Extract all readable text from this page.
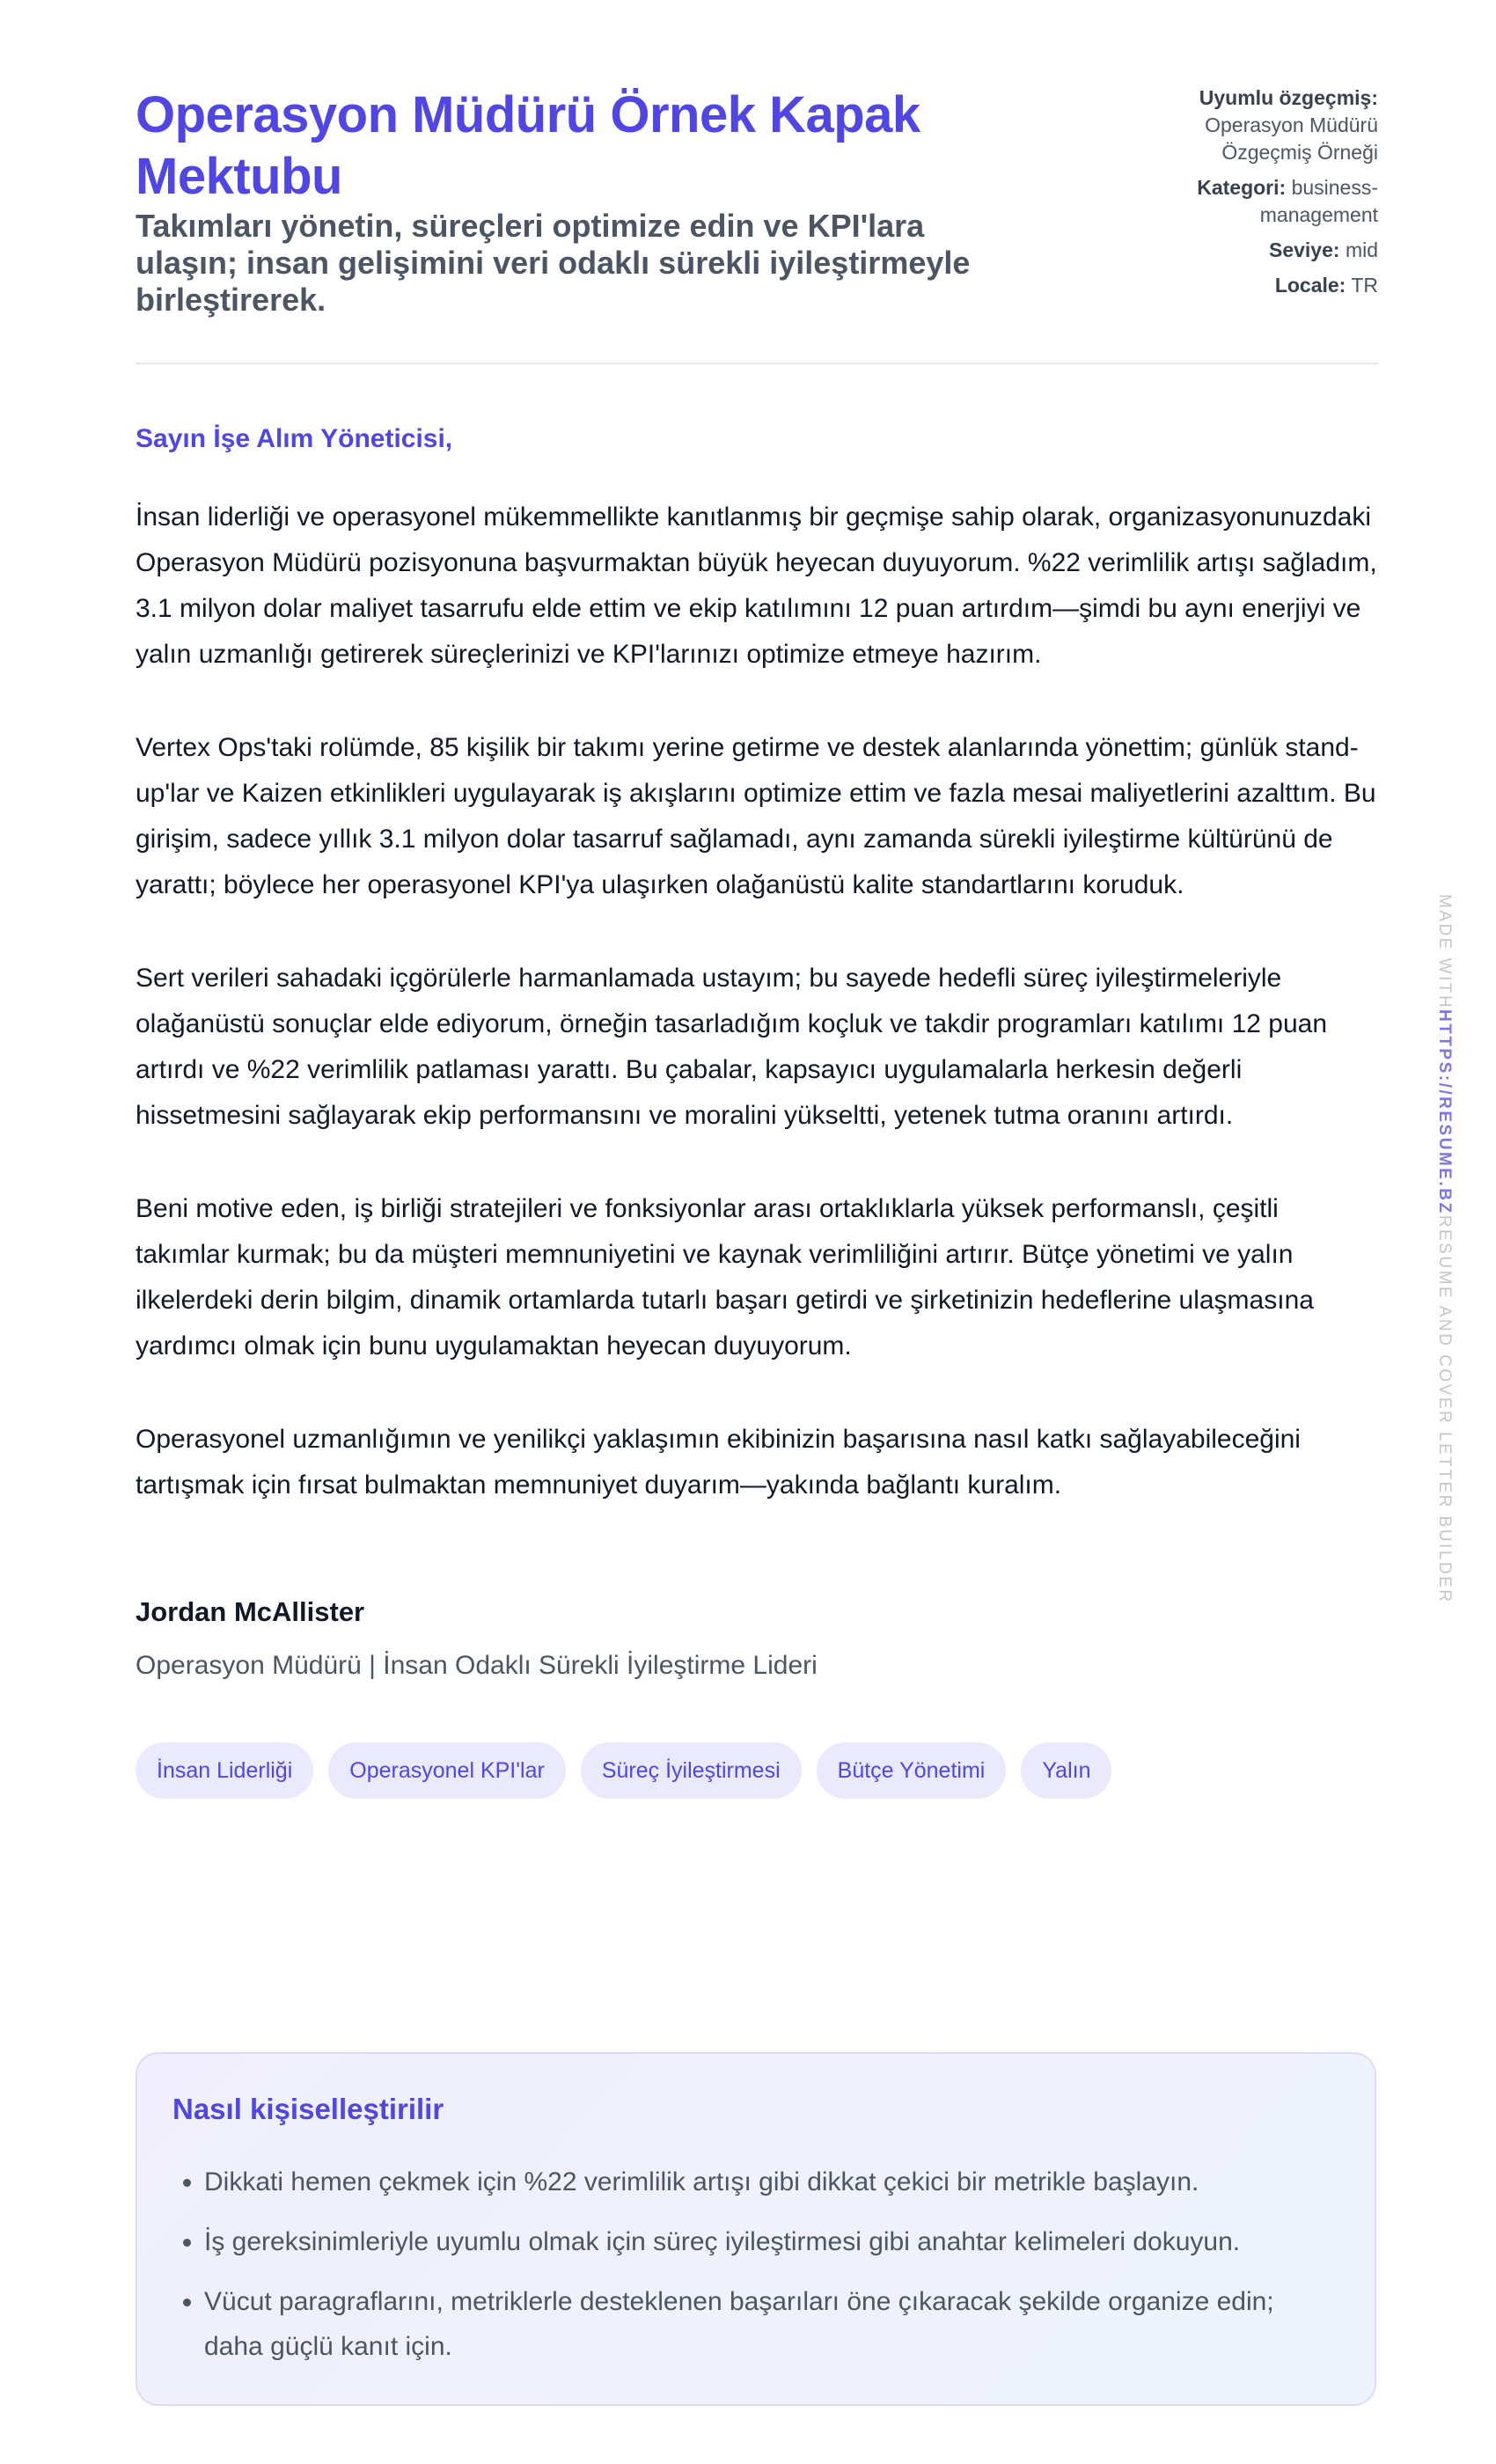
Operasyon Müdürü Örnek Kapak Mektubu

Takımları yönetin, süreçleri optimize edin ve KPI'lara ulaşın; insan gelişimini veri odaklı sürekli iyileştirmeyle birleştirerek.

Uyumlu özgeçmiş:
Operasyon Müdürü Özgeçmiş Örneği
Kategori: business-management
Seviye: mid
Locale: TR
Sayın İşe Alım Yöneticisi,

İnsan liderliği ve operasyonel mükemmellikte kanıtlanmış bir geçmişe sahip olarak, organizasyonunuzdaki Operasyon Müdürü pozisyonuna başvurmaktan büyük heyecan duyuyorum. %22 verimlilik artışı sağladım, 3.1 milyon dolar maliyet tasarrufu elde ettim ve ekip katılımını 12 puan artırdım—şimdi bu aynı enerjiyi ve yalın uzmanlığı getirerek süreçlerinizi ve KPI'larınızı optimize etmeye hazırım.

Vertex Ops'taki rolümde, 85 kişilik bir takımı yerine getirme ve destek alanlarında yönettim; günlük stand-up'lar ve Kaizen etkinlikleri uygulayarak iş akışlarını optimize ettim ve fazla mesai maliyetlerini azalttım. Bu girişim, sadece yıllık 3.1 milyon dolar tasarruf sağlamadı, aynı zamanda sürekli iyileştirme kültürünü de yarattı; böylece her operasyonel KPI'ya ulaşırken olağanüstü kalite standartlarını koruduk.

Sert verileri sahadaki içgörülerle harmanlamada ustayım; bu sayede hedefli süreç iyileştirmeleriyle olağanüstü sonuçlar elde ediyorum, örneğin tasarladığım koçluk ve takdir programları katılımı 12 puan artırdı ve %22 verimlilik patlaması yarattı. Bu çabalar, kapsayıcı uygulamalarla herkesin değerli hissetmesini sağlayarak ekip performansını ve moralini yükseltti, yetenek tutma oranını artırdı.

Beni motive eden, iş birliği stratejileri ve fonksiyonlar arası ortaklıklarla yüksek performanslı, çeşitli takımlar kurmak; bu da müşteri memnuniyetini ve kaynak verimliliğini artırır. Bütçe yönetimi ve yalın ilkelerdeki derin bilgim, dinamik ortamlarda tutarlı başarı getirdi ve şirketinizin hedeflerine ulaşmasına yardımcı olmak için bunu uygulamaktan heyecan duyuyorum.

Operasyonel uzmanlığımın ve yenilikçi yaklaşımın ekibinizin başarısına nasıl katkı sağlayabileceğini tartışmak için fırsat bulmaktan memnuniyet duyarım—yakında bağlantı kuralım.

Jordan McAllister
Operasyon Müdürü | İnsan Odaklı Sürekli İyileştirme Lideri
İnsan Liderliği	Operasyonel KPI'lar	Süreç İyileştirmesi	Bütçe Yönetimi	Yalın
Nasıl kişiselleştirilir
• Dikkati hemen çekmek için %22 verimlilik artışı gibi dikkat çekici bir metrikle başlayın.
• İş gereksinimleriyle uyumlu olmak için süreç iyileştirmesi gibi anahtar kelimeleri dokuyun.
• Vücut paragraflarını, metriklerle desteklenen başarıları öne çıkaracak şekilde organize edin; daha güçlü kanıt için.
MADE WITHHTTPS://RESUME.BZRESUME AND COVER LETTER BUILDER
